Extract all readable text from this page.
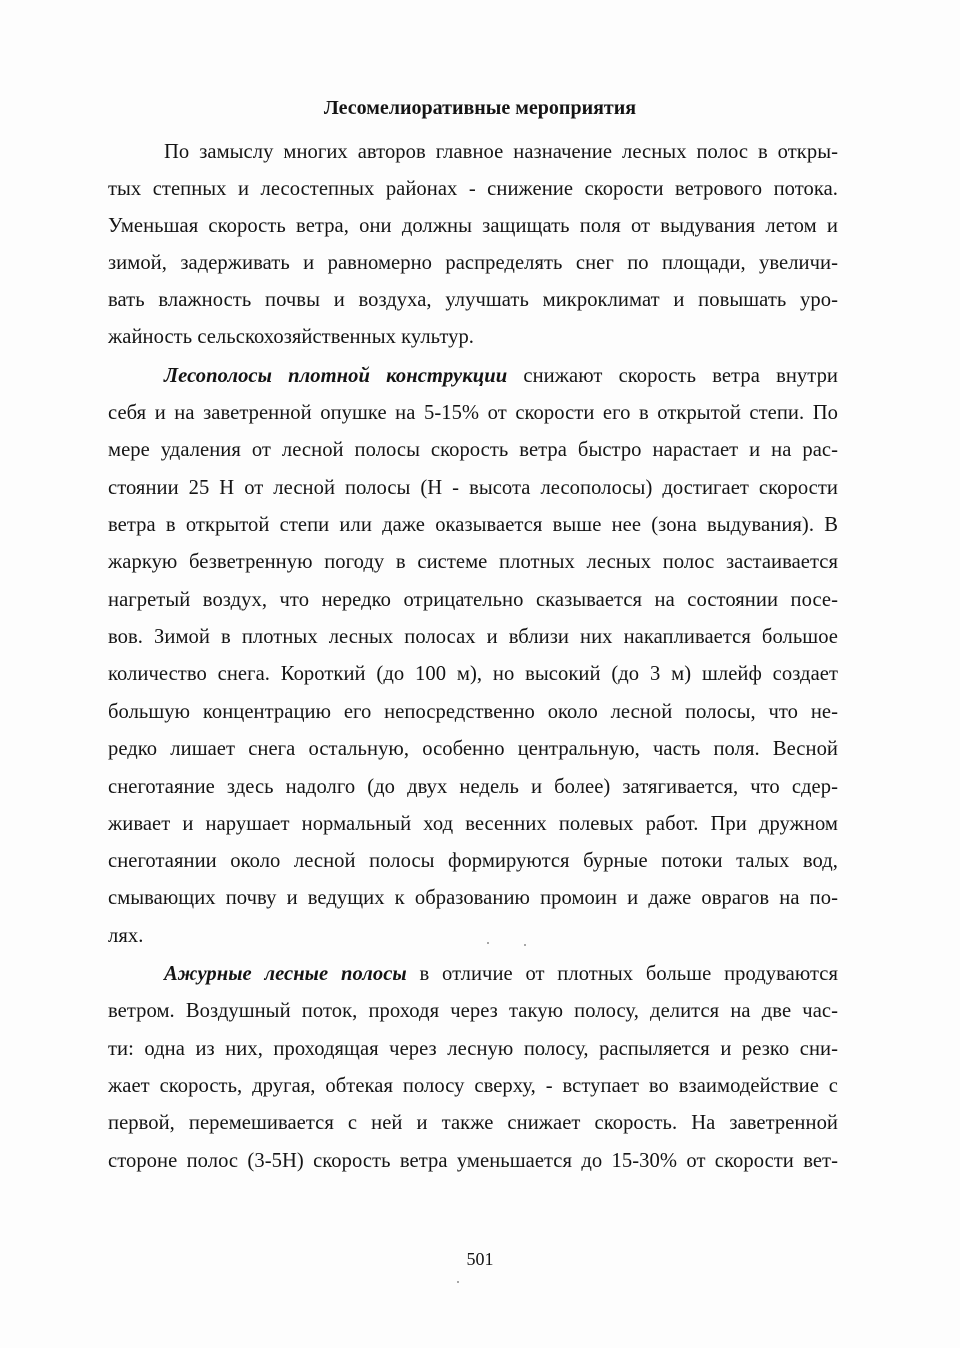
Лесомелиоративные мероприятия
По замыслу многих авторов главное назначение лесных полос в откры-
тых степных и лесостепных районах - снижение скорости ветрового потока.
Уменьшая скорость ветра, они должны защищать поля от выдувания летом и
зимой, задерживать и равномерно распределять снег по площади, увеличи-
вать влажность почвы и воздуха, улучшать микроклимат и повышать уро-
жайность сельскохозяйственных культур.
Лесополосы плотной конструкции снижают скорость ветра внутри
себя и на заветренной опушке на 5-15% от скорости его в открытой степи. По
мере удаления от лесной полосы скорость ветра быстро нарастает и на рас-
стоянии 25 Н от лесной полосы (Н - высота лесополосы) достигает скорости
ветра в открытой степи или даже оказывается выше нее (зона выдувания). В
жаркую безветренную погоду в системе плотных лесных полос застаивается
нагретый воздух, что нередко отрицательно сказывается на состоянии посе-
вов. Зимой в плотных лесных полосах и вблизи них накапливается большое
количество снега. Короткий (до 100 м), но высокий (до 3 м) шлейф создает
большую концентрацию его непосредственно около лесной полосы, что не-
редко лишает снега остальную, особенно центральную, часть поля. Весной
снеготаяние здесь надолго (до двух недель и более) затягивается, что сдер-
живает и нарушает нормальный ход весенних полевых работ. При дружном
снеготаянии около лесной полосы формируются бурные потоки талых вод,
смывающих почву и ведущих к образованию промоин и даже оврагов на по-
лях.
Ажурные лесные полосы в отличие от плотных больше продуваются
ветром. Воздушный поток, проходя через такую полосу, делится на две час-
ти: одна из них, проходящая через лесную полосу, распыляется и резко сни-
жает скорость, другая, обтекая полосу сверху, - вступает во взаимодействие с
первой, перемешивается с ней и также снижает скорость. На заветренной
стороне полос (3-5Н) скорость ветра уменьшается до 15-30% от скорости вет-
501
